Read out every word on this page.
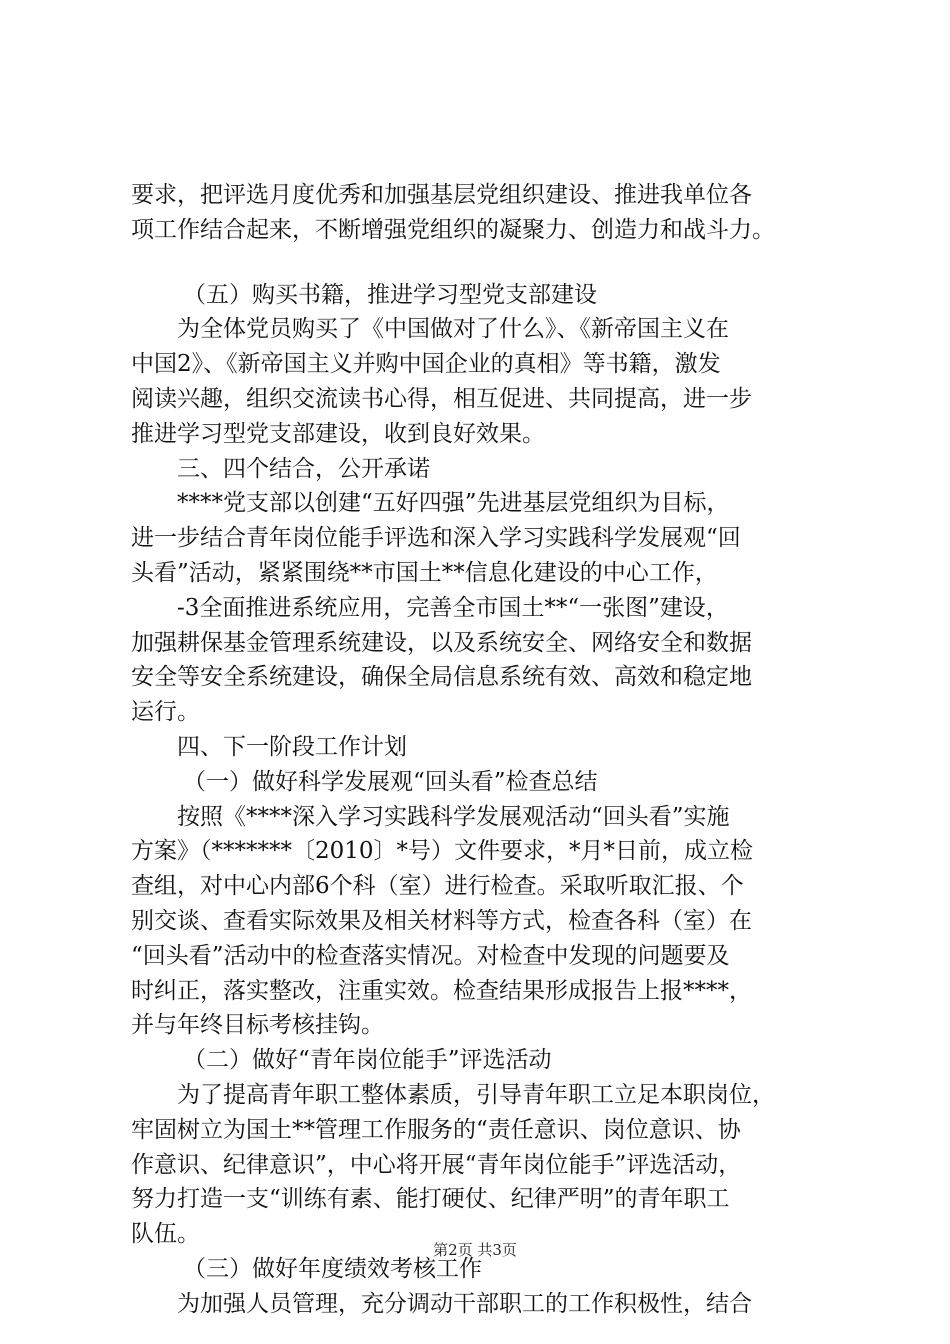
要求，把评选月度优秀和加强基层党组织建设、推进我单位各
项工作结合起来，不断增强党组织的凝聚力、创造力和战斗力。
（五）购买书籍，推进学习型党支部建设
为全体党员购买了《中国做对了什么》、《新帝国主义在
中国2》、《新帝国主义并购中国企业的真相》等书籍，激发
阅读兴趣，组织交流读书心得，相互促进、共同提高，进一步
推进学习型党支部建设，收到良好效果。
三、四个结合，公开承诺
****党支部以创建“五好四强”先进基层党组织为目标，
进一步结合青年岗位能手评选和深入学习实践科学发展观“回
头看”活动，紧紧围绕**市国土**信息化建设的中心工作，
-3全面推进系统应用，完善全市国土**“一张图”建设，
加强耕保基金管理系统建设，以及系统安全、网络安全和数据
安全等安全系统建设，确保全局信息系统有效、高效和稳定地
运行。
四、下一阶段工作计划
（一）做好科学发展观“回头看”检查总结
按照《****深入学习实践科学发展观活动“回头看”实施
方案》（*******〔2010〕*号）文件要求，*月*日前，成立检
查组，对中心内部6个科（室）进行检查。采取听取汇报、个
别交谈、查看实际效果及相关材料等方式，检查各科（室）在
“回头看”活动中的检查落实情况。对检查中发现的问题要及
时纠正，落实整改，注重实效。检查结果形成报告上报****，
并与年终目标考核挂钩。
（二）做好“青年岗位能手”评选活动
为了提高青年职工整体素质，引导青年职工立足本职岗位，
牢固树立为国土**管理工作服务的“责任意识、岗位意识、协
作意识、纪律意识”，中心将开展“青年岗位能手”评选活动，
努力打造一支“训练有素、能打硬仗、纪律严明”的青年职工
队伍。
（三）做好年度绩效考核工作
为加强人员管理，充分调动干部职工的工作积极性，结合
第2页 共3页
